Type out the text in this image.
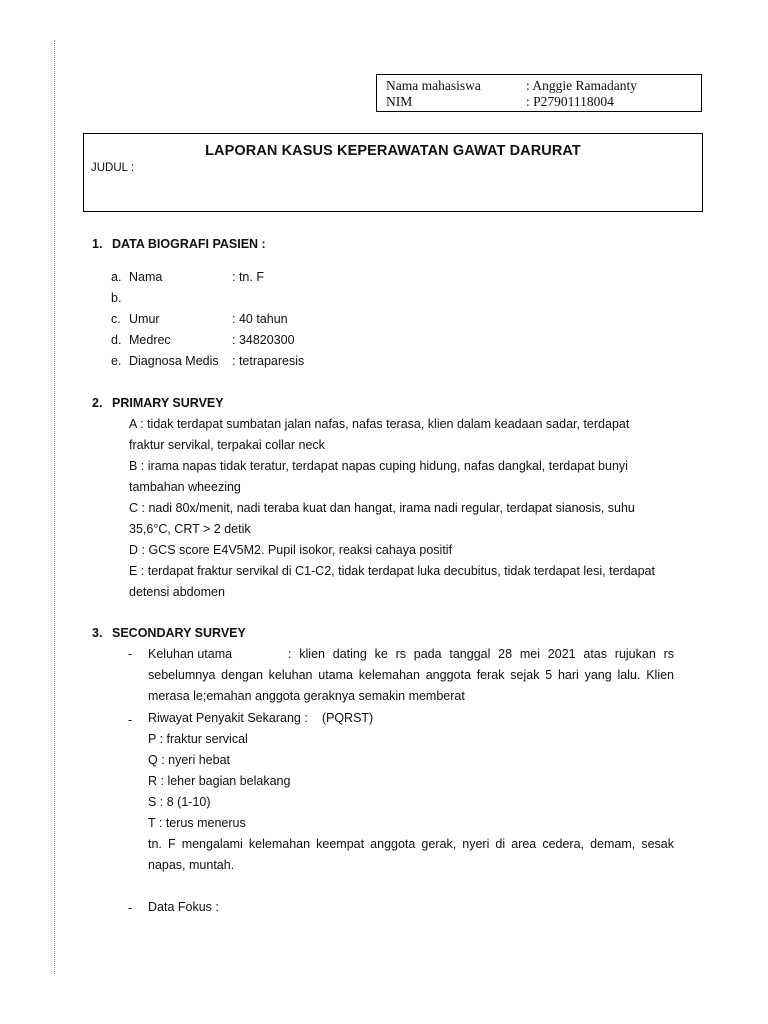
Nama mahasiswa	: Anggie Ramadanty
NIM	: P27901118004
LAPORAN KASUS KEPERAWATAN GAWAT DARURAT
JUDUL :
1. DATA BIOGRAFI PASIEN :
a. Nama	: tn. F
b.
c. Umur	: 40 tahun
d. Medrec	: 34820300
e. Diagnosa Medis	: tetraparesis
2. PRIMARY SURVEY
A : tidak terdapat sumbatan jalan nafas, nafas terasa, klien dalam keadaan sadar, terdapat
fraktur servikal, terpakai collar neck
B : irama napas tidak teratur, terdapat napas cuping hidung, nafas dangkal, terdapat bunyi
tambahan wheezing
C : nadi 80x/menit, nadi teraba kuat dan hangat, irama nadi regular, terdapat sianosis, suhu
35,6°C, CRT > 2 detik
D : GCS score E4V5M2. Pupil isokor, reaksi cahaya positif
E : terdapat fraktur servikal di C1-C2, tidak terdapat luka decubitus, tidak terdapat lesi, terdapat
detensi abdomen
3. SECONDARY SURVEY
- Keluhan utama	: klien dating ke rs pada tanggal 28 mei 2021 atas rujukan rs sebelumnya dengan keluhan utama kelemahan anggota ferak sejak 5 hari yang lalu. Klien merasa le;emahan anggota geraknya semakin memberat
- Riwayat Penyakit Sekarang : (PQRST)
P : fraktur servical
Q : nyeri hebat
R : leher bagian belakang
S : 8 (1-10)
T : terus menerus
tn. F mengalami kelemahan keempat anggota gerak, nyeri di area cedera, demam, sesak napas, muntah.
- Data Fokus :
